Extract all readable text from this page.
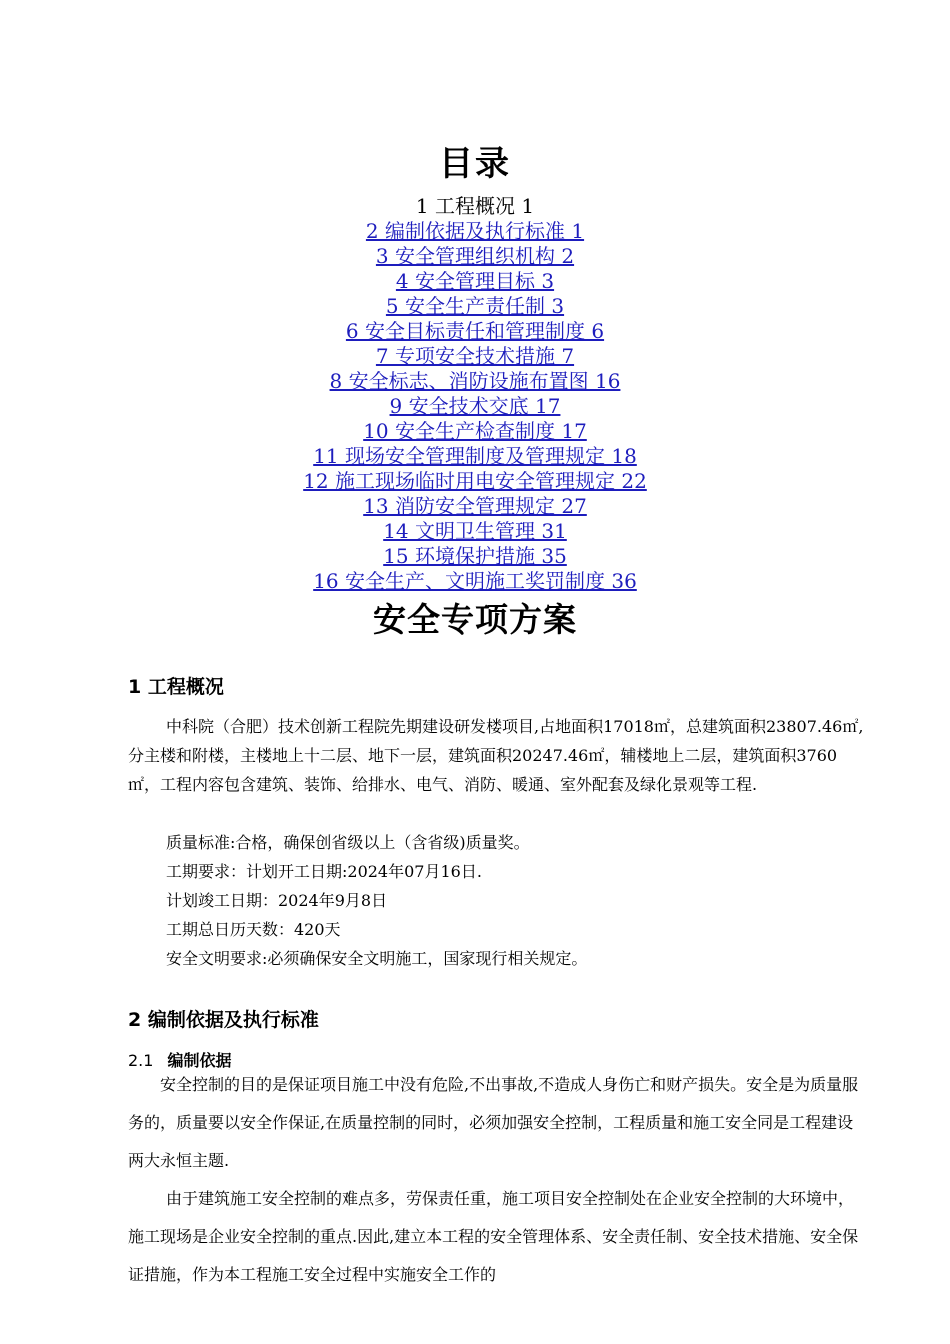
目录
1 工程概况 1
2 编制依据及执行标准 1
3 安全管理组织机构 2
4 安全管理目标 3
5 安全生产责任制 3
6 安全目标责任和管理制度 6
7 专项安全技术措施 7
8 安全标志、消防设施布置图 16
9 安全技术交底 17
10 安全生产检查制度 17
11 现场安全管理制度及管理规定 18
12 施工现场临时用电安全管理规定 22
13 消防安全管理规定 27
14 文明卫生管理 31
15 环境保护措施 35
16 安全生产、文明施工奖罚制度 36
安全专项方案
1 工程概况

中科院（合肥）技术创新工程院先期建设研发楼项目,占地面积17018㎡，总建筑面积23807.46㎡,分主楼和附楼，主楼地上十二层、地下一层，建筑面积20247.46㎡，辅楼地上二层，建筑面积3760㎡，工程内容包含建筑、装饰、给排水、电气、消防、暖通、室外配套及绿化景观等工程.

质量标准:合格，确保创省级以上（含省级)质量奖。
工期要求：计划开工日期:2024年07月16日.
计划竣工日期：2024年9月8日
工期总日历天数：420天
安全文明要求:必须确保安全文明施工，国家现行相关规定。
2 编制依据及执行标准
2.1 编制依据

安全控制的目的是保证项目施工中没有危险,不出事故,不造成人身伤亡和财产损失。安全是为质量服务的，质量要以安全作保证,在质量控制的同时，必须加强安全控制，工程质量和施工安全同是工程建设两大永恒主题.

由于建筑施工安全控制的难点多，劳保责任重，施工项目安全控制处在企业安全控制的大环境中，施工现场是企业安全控制的重点.因此,建立本工程的安全管理体系、安全责任制、安全技术措施、安全保证措施，作为本工程施工安全过程中实施安全工作的
